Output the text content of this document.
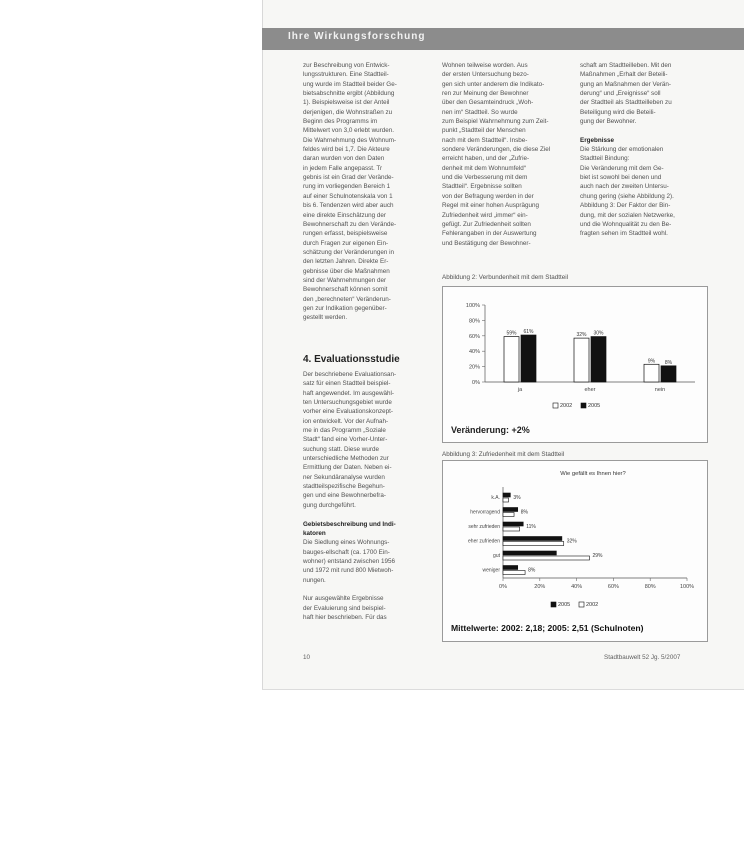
Ihre Wirkungsforschung

zur Beschreibung von Entwick-

lungsstrukturen. Eine Stadtteil-

ung wurde im Stadtteil beider Ge-

bietsabschnitte ergibt (Abbildung

1). Beispielsweise ist der Anteil

derjenigen, die Wohnstraßen zu

Beginn des Programms im

Mittelwert von 3,0 erlebt wurden.

Die Wahrnehmung des Wohnum-

feldes wird bei 1,7. Die Akteure

daran wurden von den Daten

in jedem Falle angepasst. Tr

gebnis ist ein Grad der Verände-

rung im vorliegenden Bereich 1

auf einer Schulnotenskala von 1

bis 6. Tendenzen wird aber auch

eine direkte Einschätzung der

Bewohnerschaft zu den Verände-

rungen erfasst, beispielsweise

durch Fragen zur eigenen Ein-

schätzung der Veränderungen in

den letzten Jahren. Direkte Er-

gebnisse über die Maßnahmen

sind der Wahrnehmungen der

Bewohnerschaft können somit

den „berechneten“ Veränderun-

gen zur Indikation gegenüber-

gestellt werden.

4. Evaluationsstudie

Der beschriebene Evaluationsan-

satz für einen Stadtteil beispiel-

haft angewendet. Im ausgewähl-

ten Untersuchungsgebiet wurde

vorher eine Evaluationskonzept-

ion entwickelt. Vor der Aufnah-

me in das Programm „Soziale

Stadt“ fand eine Vorher-Unter-

suchung statt. Diese wurde

unterschiedliche Methoden zur

Ermittlung der Daten. Neben ei-

ner Sekundäranalyse wurden

stadtteilspezifische Begehun-

gen und eine Bewohnerbefra-

gung durchgeführt.

Gebietsbeschreibung und Indi-

katoren

Die Siedlung eines Wohnungs-

bauges-ellschaft (ca. 1700 Ein-

wohner) entstand zwischen 1956

und 1972 mit rund 800 Mietwoh-

nungen.

Nur ausgewählte Ergebnisse

der Evaluierung sind beispiel-

haft hier beschrieben. Für das

Wohnen teilweise worden. Aus

der ersten Untersuchung bezo-

gen sich unter anderem die Indikato-

ren zur Meinung der Bewohner

über den Gesamteindruck „Woh-

nen im“ Stadtteil. So wurde

zum Beispiel Wahrnehmung zum Zeit-

punkt „Stadtteil der Menschen

nach mit dem Stadtteil“. Insbe-

sondere Veränderungen, die diese Ziel

erreicht haben, und der „Zufrie-

denheit mit dem Wohnumfeld“

und die Verbesserung mit dem

Stadtteil“. Ergebnisse sollten

von der Befragung werden in der

Regel mit einer hohen Ausprägung

Zufriedenheit wird „immer“ ein-

gefügt. Zur Zufriedenheit sollten

Fehlerangaben in der Auswertung

und Bestätigung der Bewohner-

schaft am Stadtteilleben. Mit den

Maßnahmen „Erhalt der Beteili-

gung an Maßnahmen der Verän-

derung“ und „Ereignisse“ soll

der Stadtteil als Stadtteilleben zu

Beteiligung wird die Beteili-

gung der Bewohner.

Ergebnisse

Die Stärkung der emotionalen

Stadtteil Bindung:

Die Veränderung mit dem Ge-

biet ist sowohl bei denen und

auch nach der zweiten Untersu-

chung gering (siehe Abbildung 2).

Abbildung 3: Der Faktor der Bin-

dung, mit der sozialen Netzwerke,

und die Wohnqualität zu den Be-

fragten sehen im Stadtteil wohl.

Abbildung 2: Verbundenheit mit dem Stadtteil
0%
20%
40%
60%
80%
100%
59% 61%
ja
32% 30%
eher
9% 8%
nein
2002	2005
Veränderung: +2%
Abbildung 3: Zufriedenheit mit dem Stadtteil
Wie gefällt es Ihnen hier?
0%	20%	40%	60%	80%	100%
k.A.	3%
hervorragend	8%
sehr zufrieden	11%
eher zufrieden	32%
gut	29%
weniger	8%
2005	2002
Mittelwerte: 2002: 2,18; 2005: 2,51 (Schulnoten)
10	Stadtbauwelt 52 Jg. 5/2007
